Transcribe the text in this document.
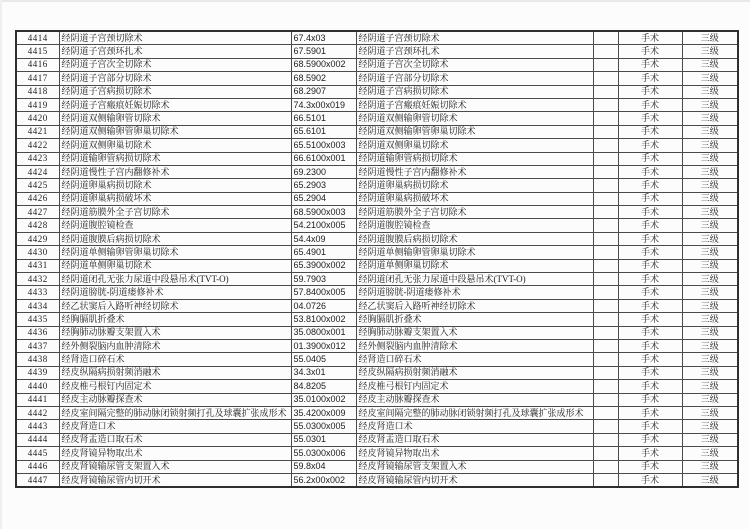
4414	经阴道子宫颈切除术	67.4x03	经阴道子宫颈切除术		手术	三级
4415	经阴道子宫颈环扎术	67.5901	经阴道子宫颈环扎术		手术	三级
4416	经阴道子宫次全切除术	68.5900x002	经阴道子宫次全切除术		手术	三级
4417	经阴道子宫部分切除术	68.5902	经阴道子宫部分切除术		手术	三级
4418	经阴道子宫病损切除术	68.2907	经阴道子宫病损切除术		手术	三级
4419	经阴道子宫瘢痕妊娠切除术	74.3x00x019	经阴道子宫瘢痕妊娠切除术		手术	三级
4420	经阴道双侧输卵管切除术	66.5101	经阴道双侧输卵管切除术		手术	三级
4421	经阴道双侧输卵管卵巢切除术	65.6101	经阴道双侧输卵管卵巢切除术		手术	三级
4422	经阴道双侧卵巢切除术	65.5100x003	经阴道双侧卵巢切除术		手术	三级
4423	经阴道输卵管病损切除术	66.6100x001	经阴道输卵管病损切除术		手术	三级
4424	经阴道慢性子宫内翻修补术	69.2300	经阴道慢性子宫内翻修补术		手术	三级
4425	经阴道卵巢病损切除术	65.2903	经阴道卵巢病损切除术		手术	三级
4426	经阴道卵巢病损破坏术	65.2904	经阴道卵巢病损破坏术		手术	三级
4427	经阴道筋膜外全子宫切除术	68.5900x003	经阴道筋膜外全子宫切除术		手术	三级
4428	经阴道腹腔镜检查	54.2100x005	经阴道腹腔镜检查		手术	三级
4429	经阴道腹膜后病损切除术	54.4x09	经阴道腹膜后病损切除术		手术	三级
4430	经阴道单侧输卵管卵巢切除术	65.4901	经阴道单侧输卵管卵巢切除术		手术	三级
4431	经阴道单侧卵巢切除术	65.3900x002	经阴道单侧卵巢切除术		手术	三级
4432	经阴道闭孔无张力尿道中段悬吊术(TVT-O)	59.7903	经阴道闭孔无张力尿道中段悬吊术(TVT-O)		手术	三级
4433	经阴道膀胱-阴道瘘修补术	57.8400x005	经阴道膀胱-阴道瘘修补术		手术	三级
4434	经乙状窦后入路听神经切除术	04.0726	经乙状窦后入路听神经切除术		手术	三级
4435	经胸膈肌折叠术	53.8100x002	经胸膈肌折叠术		手术	三级
4436	经胸肺动脉瓣支架置入术	35.0800x001	经胸肺动脉瓣支架置入术		手术	三级
4437	经外侧裂脑内血肿清除术	01.3900x012	经外侧裂脑内血肿清除术		手术	三级
4438	经肾造口碎石术	55.0405	经肾造口碎石术		手术	三级
4439	经皮纵隔病损射频消融术	34.3x01	经皮纵隔病损射频消融术		手术	三级
4440	经皮椎弓根钉内固定术	84.8205	经皮椎弓根钉内固定术		手术	三级
4441	经皮主动脉瓣探查术	35.0100x002	经皮主动脉瓣探查术		手术	三级
4442	经皮室间隔完整的肺动脉闭锁射频打孔及球囊扩张成形术	35.4200x009	经皮室间隔完整的肺动脉闭锁射频打孔及球囊扩张成形术		手术	三级
4443	经皮肾造口术	55.0300x005	经皮肾造口术		手术	三级
4444	经皮肾盂造口取石术	55.0301	经皮肾盂造口取石术		手术	三级
4445	经皮肾镜异物取出术	55.0300x006	经皮肾镜异物取出术		手术	三级
4446	经皮肾镜输尿管支架置入术	59.8x04	经皮肾镜输尿管支架置入术		手术	三级
4447	经皮肾镜输尿管内切开术	56.2x00x002	经皮肾镜输尿管内切开术		手术	三级
